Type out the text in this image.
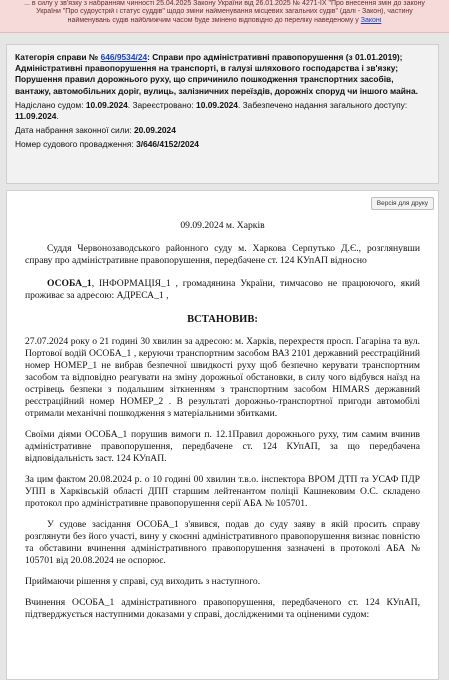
... в силу у зв'язку з набранням чинності 25.04.2025 Закону України від 26.01.2025 № 4271-ІХ "Про внесення змін до закону
України "Про судоустрій і статус суддів" щодо зміни найменування місцевих загальних судів" (далі - Закон), частину
найменувань судів найближчим часом буде змінено відповідно до переліку наведеному у Законі
Категорія справи № 646/9534/24: Справи про адміністративні правопорушення (з 01.01.2019); Адміністративні правопорушення на транспорті, в галузі шляхового господарства і зв'язку; Порушення правил дорожнього руху, що спричинило пошкодження транспортних засобів, вантажу, автомобільних доріг, вулиць, залізничних переїздів, дорожніх споруд чи іншого майна.
Надіслано судом: 10.09.2024. Зареєстровано: 10.09.2024. Забезпечено надання загального доступу: 11.09.2024.
Дата набрання законної сили: 20.09.2024
Номер судового провадження: 3/646/4152/2024
Версія для друку
09.09.2024 м. Харків

Суддя Червонозаводського районного суду м. Харкова Серпутько Д.Є., розглянувши справу про адміністративне правопорушення, передбачене ст. 124 КУпАП відносно

ОСОБА_1, ІНФОРМАЦІЯ_1 , громадянина України, тимчасово не працюючого, який проживає за адресою: АДРЕСА_1 ,

ВСТАНОВИВ:

27.07.2024 року о 21 годині 30 хвилин за адресою: м. Харків, перехрестя просп. Гагаріна та вул. Портової водій ОСОБА_1 , керуючи транспортним засобом ВАЗ 2101 державний реєстраційний номер НОМЕР_1 не вибрав безпечної швидкості руху щоб безпечно керувати транспортним засобом та відповідно реагувати на зміну дорожньої обстановки, в силу чого відбувся наїзд на острівець безпеки з подальшим зіткненням з транспортним засобом HIMARS державний реєстраційний номер НОМЕР_2 . В результаті дорожньо-транспортної пригоди автомобілі отримали механічні пошкодження з матеріальними збитками.

Своїми діями ОСОБА_1 порушив вимоги п. 12.1Правил дорожнього руху, тим самим вчинив адміністративне правопорушення, передбачене ст. 124 КУпАП, за що передбачена відповідальність зaст. 124 КУпАП.

За цим фактом 20.08.2024 р. о 10 годині 00 хвилин т.в.о. інспектора ВРОМ ДТП та УСАФ ПДР УПП в Харківській області ДПП старшим лейтенантом поліції Кашнековим О.С. складено протокол про адміністративне правопорушення серії АБА № 105701.

У судове засідання ОСОБА_1 з'явився, подав до суду заяву в якій просить справу розглянути без його участі, вину у скоєнні адміністративного правопорушення визнає повністю та обставини вчинення адміністративного правопорушення зазначені в протоколі АБА № 105701 від 20.08.2024 не оспорює.

Приймаючи рішення у справі, суд виходить з наступного.

Вчинення ОСОБА_1 адміністративного правопорушення, передбаченого ст. 124 КУпАП, підтверджується наступними доказами у справі, дослідженими та оціненими судом:
